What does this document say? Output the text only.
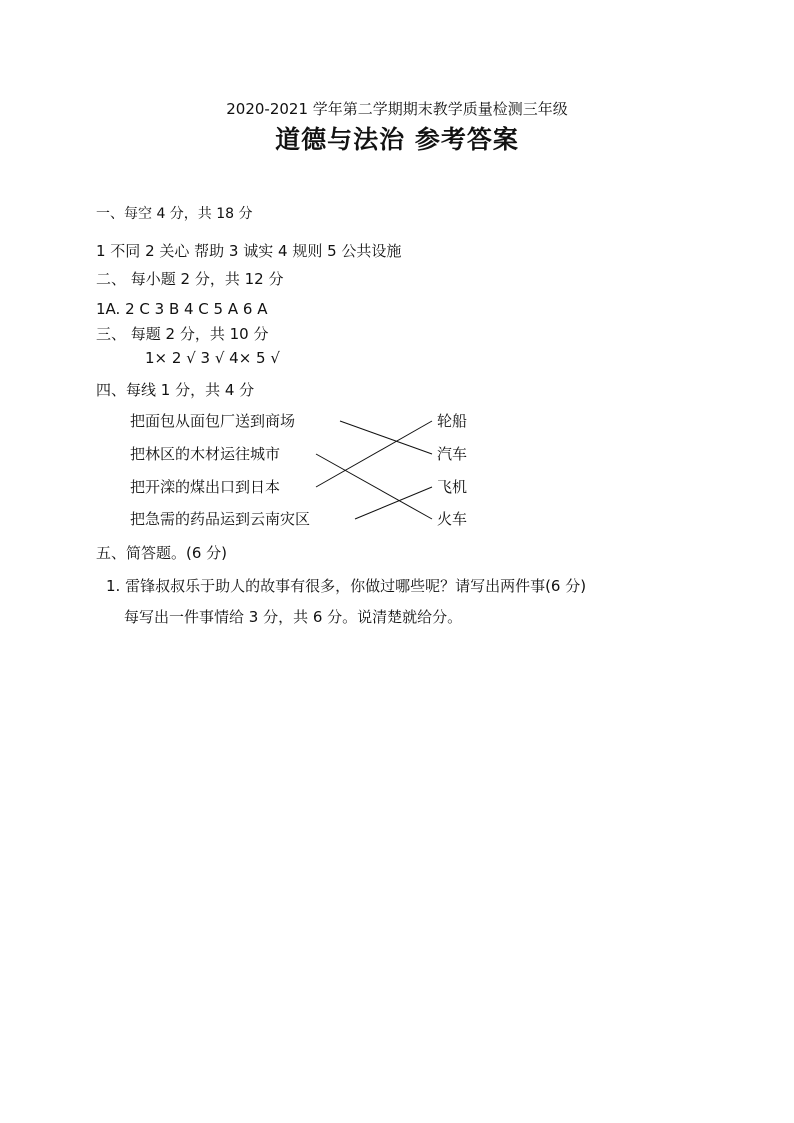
2020-2021 学年第二学期期末教学质量检测三年级
道德与法治 参考答案
一、每空 4 分，共 18 分
1 不同 2 关心 帮助 3 诚实 4 规则 5 公共设施
二、 每小题 2 分，共 12 分
1A. 2 C 3 B 4 C 5 A 6 A
三、 每题 2 分，共 10 分
1× 2 √ 3 √ 4× 5 √
四、每线 1 分，共 4 分
把面包从面包厂送到商场
把林区的木材运往城市
把开滦的煤出口到日本
把急需的药品运到云南灾区
轮船
汽车
飞机
火车
五、简答题。(6 分)
1. 雷锋叔叔乐于助人的故事有很多，你做过哪些呢？请写出两件事(6 分)
每写出一件事情给 3 分，共 6 分。说清楚就给分。
